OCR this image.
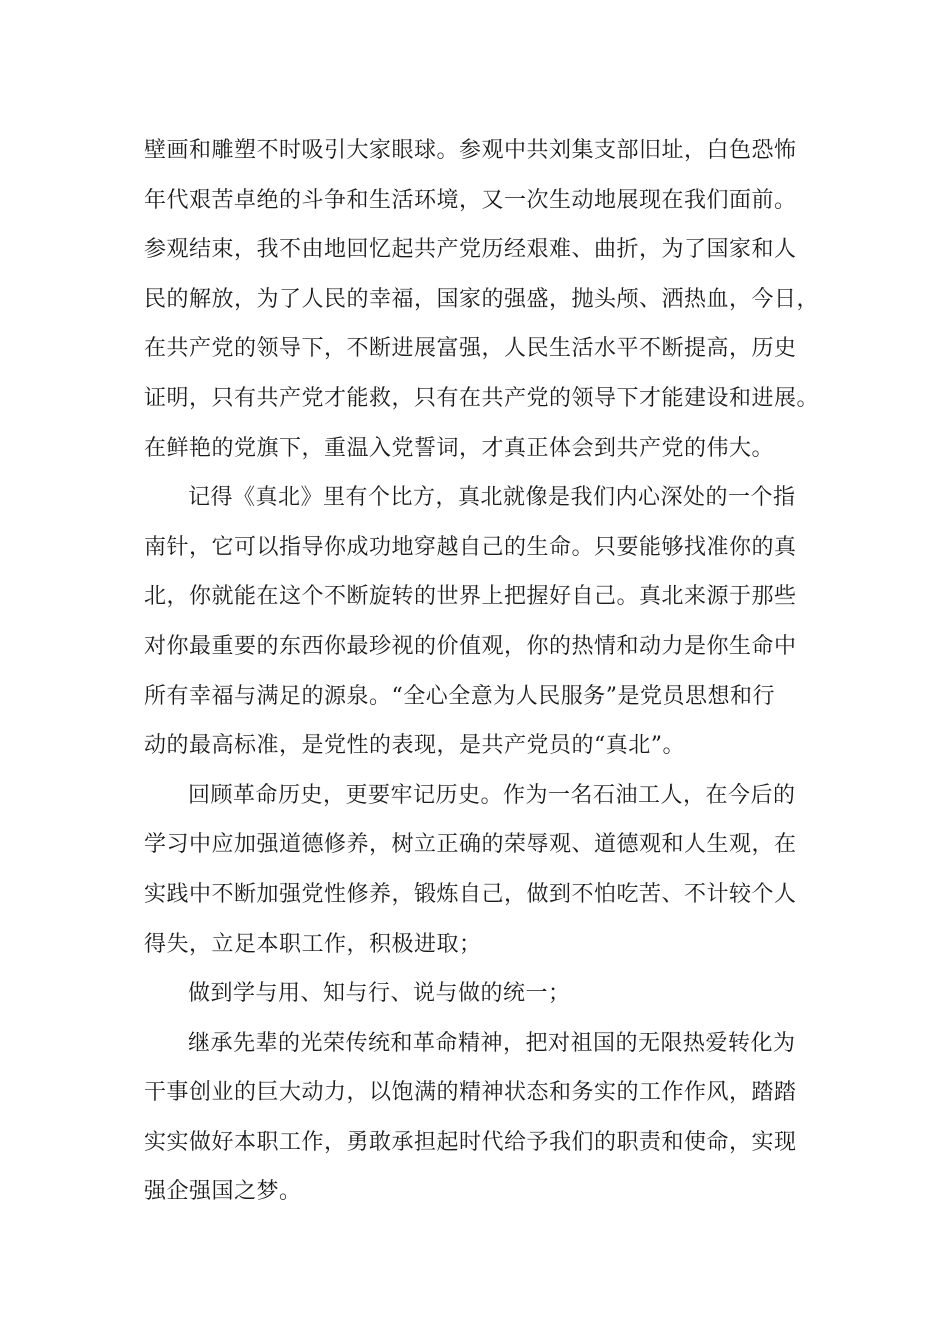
壁画和雕塑不时吸引大家眼球。参观中共刘集支部旧址，白色恐怖
年代艰苦卓绝的斗争和生活环境，又一次生动地展现在我们面前。
参观结束，我不由地回忆起共产党历经艰难、曲折，为了国家和人
民的解放，为了人民的幸福，国家的强盛，抛头颅、洒热血，今日，
在共产党的领导下，不断进展富强，人民生活水平不断提高，历史
证明，只有共产党才能救，只有在共产党的领导下才能建设和进展。
在鲜艳的党旗下，重温入党誓词，才真正体会到共产党的伟大。
记得《真北》里有个比方，真北就像是我们内心深处的一个指
南针，它可以指导你成功地穿越自己的生命。只要能够找准你的真
北，你就能在这个不断旋转的世界上把握好自己。真北来源于那些
对你最重要的东西你最珍视的价值观，你的热情和动力是你生命中
所有幸福与满足的源泉。“全心全意为人民服务”是党员思想和行
动的最高标准，是党性的表现，是共产党员的“真北”。
回顾革命历史，更要牢记历史。作为一名石油工人，在今后的
学习中应加强道德修养，树立正确的荣辱观、道德观和人生观，在
实践中不断加强党性修养，锻炼自己，做到不怕吃苦、不计较个人
得失，立足本职工作，积极进取；
做到学与用、知与行、说与做的统一；
继承先辈的光荣传统和革命精神，把对祖国的无限热爱转化为
干事创业的巨大动力，以饱满的精神状态和务实的工作作风，踏踏
实实做好本职工作，勇敢承担起时代给予我们的职责和使命，实现
强企强国之梦。
